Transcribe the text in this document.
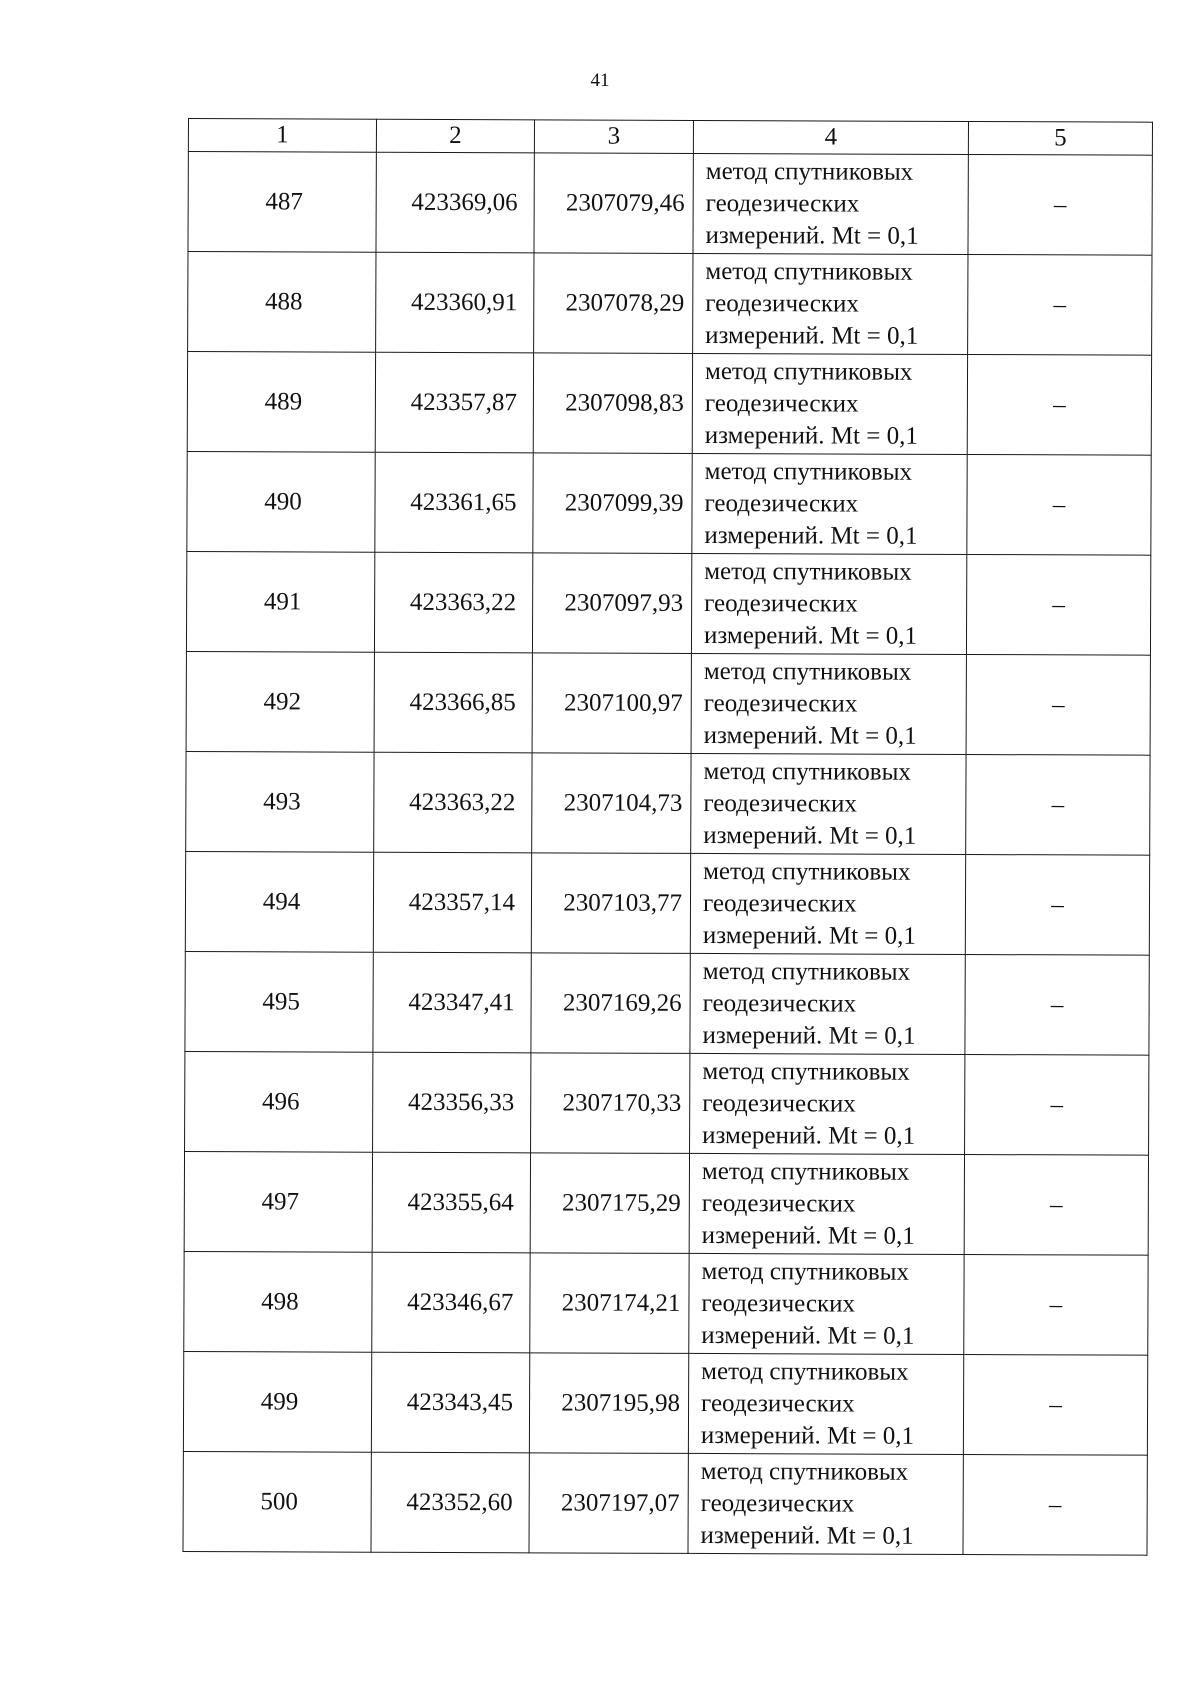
41
1	2	3	4	5
487	423369,06	2307079,46	метод спутниковых
геодезических
измерений. Mt = 0,1	–
488	423360,91	2307078,29	метод спутниковых
геодезических
измерений. Mt = 0,1	–
489	423357,87	2307098,83	метод спутниковых
геодезических
измерений. Mt = 0,1	–
490	423361,65	2307099,39	метод спутниковых
геодезических
измерений. Mt = 0,1	–
491	423363,22	2307097,93	метод спутниковых
геодезических
измерений. Mt = 0,1	–
492	423366,85	2307100,97	метод спутниковых
геодезических
измерений. Mt = 0,1	–
493	423363,22	2307104,73	метод спутниковых
геодезических
измерений. Mt = 0,1	–
494	423357,14	2307103,77	метод спутниковых
геодезических
измерений. Mt = 0,1	–
495	423347,41	2307169,26	метод спутниковых
геодезических
измерений. Mt = 0,1	–
496	423356,33	2307170,33	метод спутниковых
геодезических
измерений. Mt = 0,1	–
497	423355,64	2307175,29	метод спутниковых
геодезических
измерений. Mt = 0,1	–
498	423346,67	2307174,21	метод спутниковых
геодезических
измерений. Mt = 0,1	–
499	423343,45	2307195,98	метод спутниковых
геодезических
измерений. Mt = 0,1	–
500	423352,60	2307197,07	метод спутниковых
геодезических
измерений. Mt = 0,1	–
